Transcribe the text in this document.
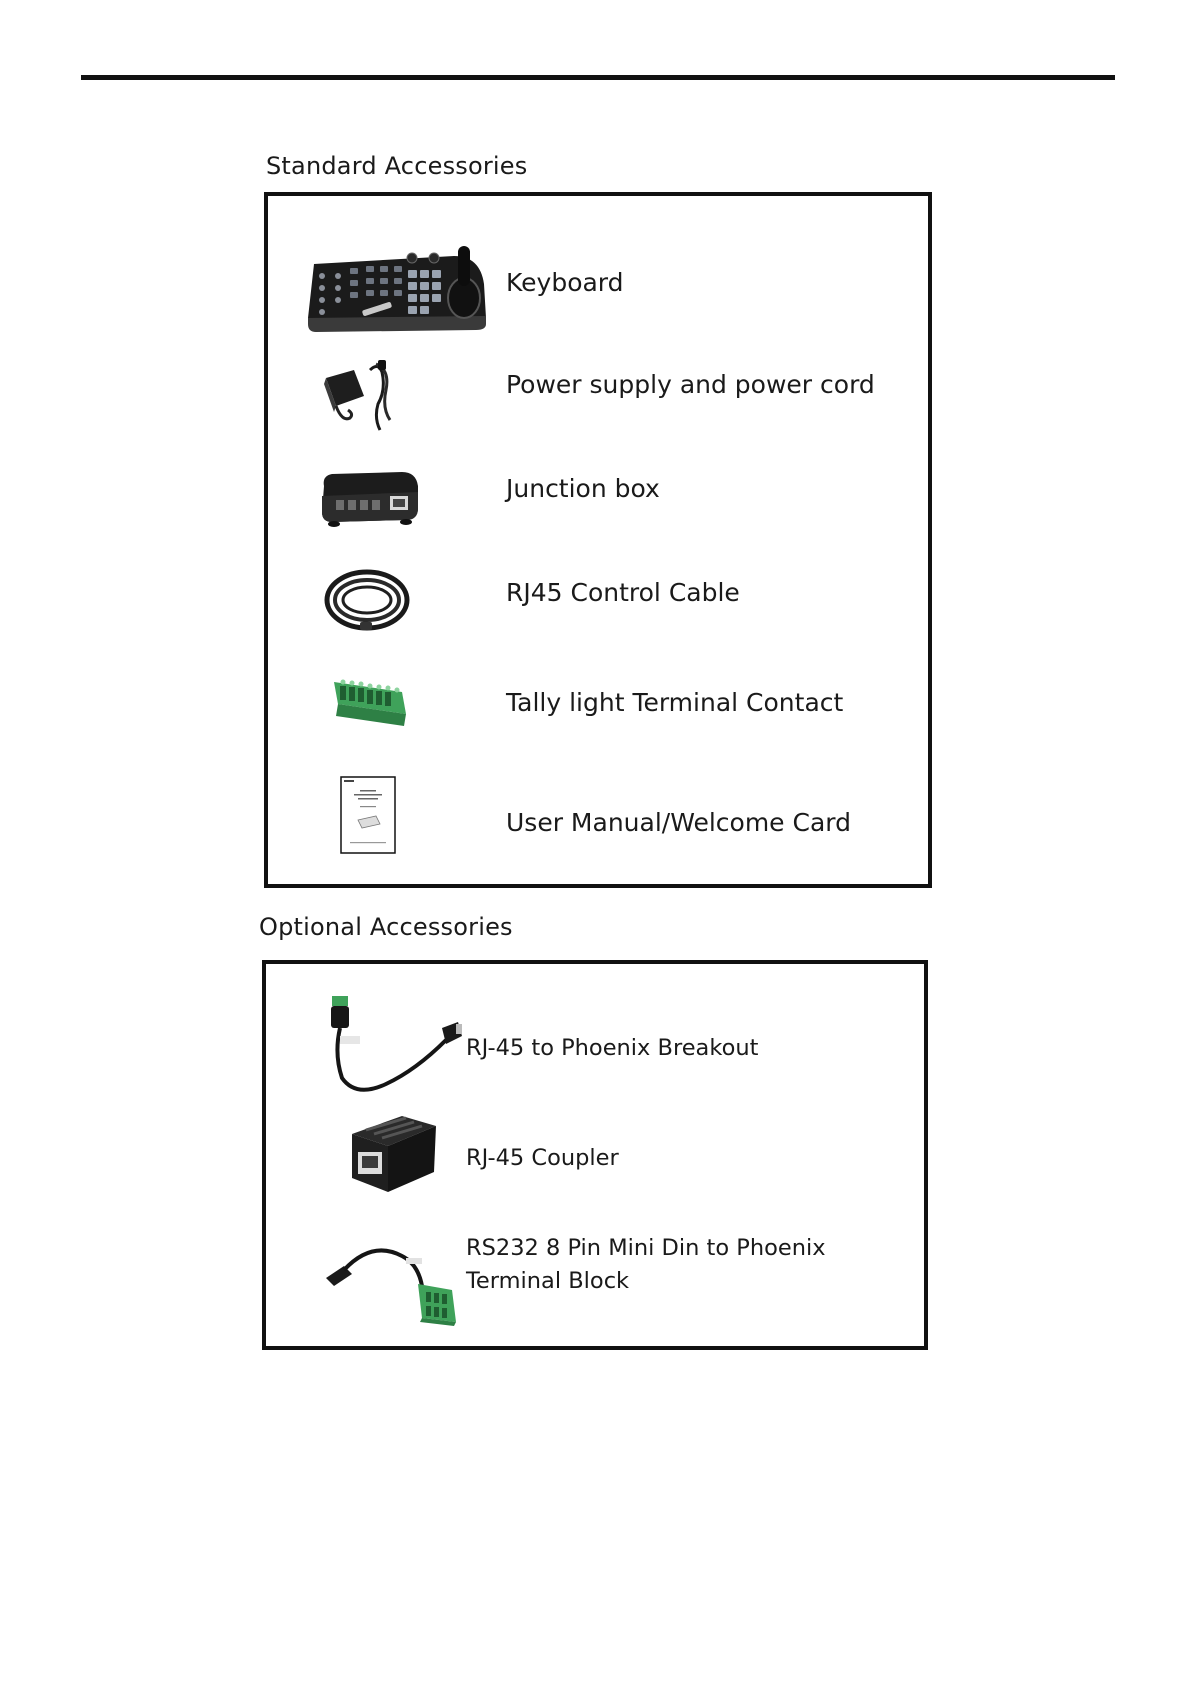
Standard Accessories
Keyboard
Power supply and power cord
Junction box
RJ45 Control Cable
Tally light Terminal Contact
User Manual/Welcome Card
Optional Accessories
RJ-45 to Phoenix Breakout
RJ-45 Coupler
RS232 8 Pin Mini Din to Phoenix Terminal Block
